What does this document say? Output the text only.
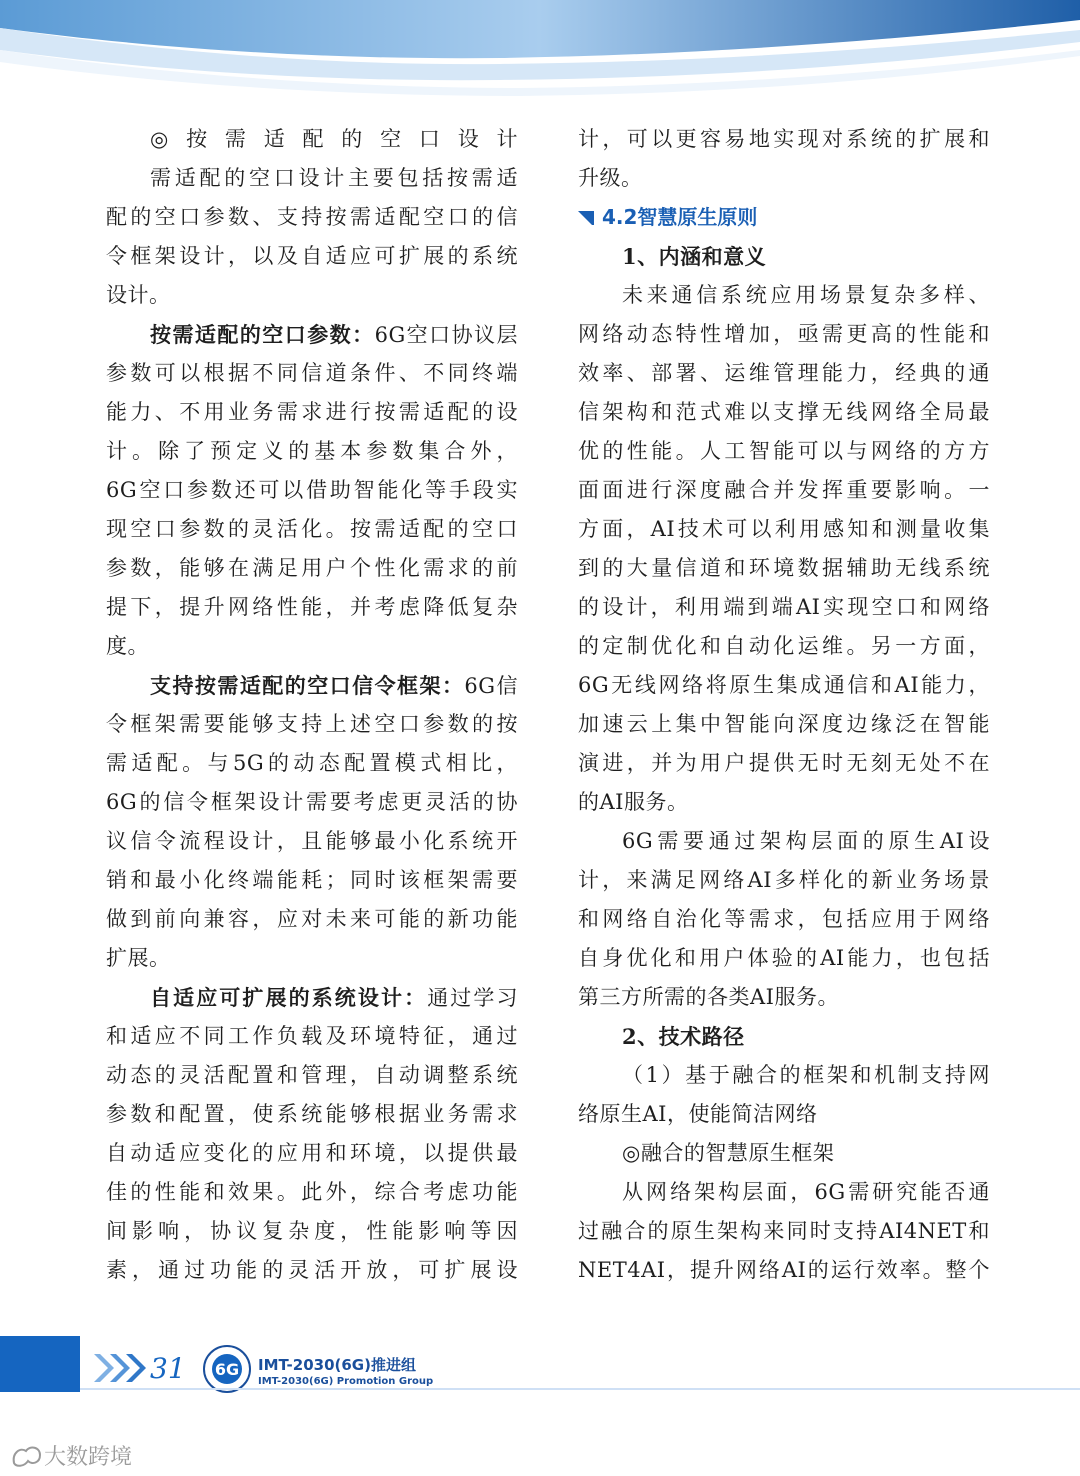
◎按需适配的空口设计
需适配的空口设计主要包括按需适
配的空口参数、支持按需适配空口的信
令框架设计，以及自适应可扩展的系统
设计。
按需适配的空口参数：6G空口协议层
参数可以根据不同信道条件、不同终端
能力、不用业务需求进行按需适配的设
计。除了预定义的基本参数集合外，
6G空口参数还可以借助智能化等手段实
现空口参数的灵活化。按需适配的空口
参数，能够在满足用户个性化需求的前
提下，提升网络性能，并考虑降低复杂
度。
支持按需适配的空口信令框架：6G信
令框架需要能够支持上述空口参数的按
需适配。与5G的动态配置模式相比，
6G的信令框架设计需要考虑更灵活的协
议信令流程设计，且能够最小化系统开
销和最小化终端能耗；同时该框架需要
做到前向兼容，应对未来可能的新功能
扩展。
自适应可扩展的系统设计：通过学习
和适应不同工作负载及环境特征，通过
动态的灵活配置和管理，自动调整系统
参数和配置，使系统能够根据业务需求
自动适应变化的应用和环境，以提供最
佳的性能和效果。此外，综合考虑功能
间影响，协议复杂度，性能影响等因
素，通过功能的灵活开放，可扩展设
计，可以更容易地实现对系统的扩展和
升级。
4.2智慧原生原则
1、内涵和意义
未来通信系统应用场景复杂多样、
网络动态特性增加，亟需更高的性能和
效率、部署、运维管理能力，经典的通
信架构和范式难以支撑无线网络全局最
优的性能。人工智能可以与网络的方方
面面进行深度融合并发挥重要影响。一
方面，AI技术可以利用感知和测量收集
到的大量信道和环境数据辅助无线系统
的设计，利用端到端AI实现空口和网络
的定制优化和自动化运维。另一方面，
6G无线网络将原生集成通信和AI能力，
加速云上集中智能向深度边缘泛在智能
演进，并为用户提供无时无刻无处不在
的AI服务。
6G需要通过架构层面的原生AI设
计，来满足网络AI多样化的新业务场景
和网络自治化等需求，包括应用于网络
自身优化和用户体验的AI能力，也包括
第三方所需的各类AI服务。
2、技术路径
（1）基于融合的框架和机制支持网
络原生AI，使能简洁网络
◎融合的智慧原生框架
从网络架构层面，6G需研究能否通
过融合的原生架构来同时支持AI4NET和
NET4AI，提升网络AI的运行效率。整个
31 6G IMT-2030(6G)推进组
IMT-2030(6G) Promotion Group
大数跨境
